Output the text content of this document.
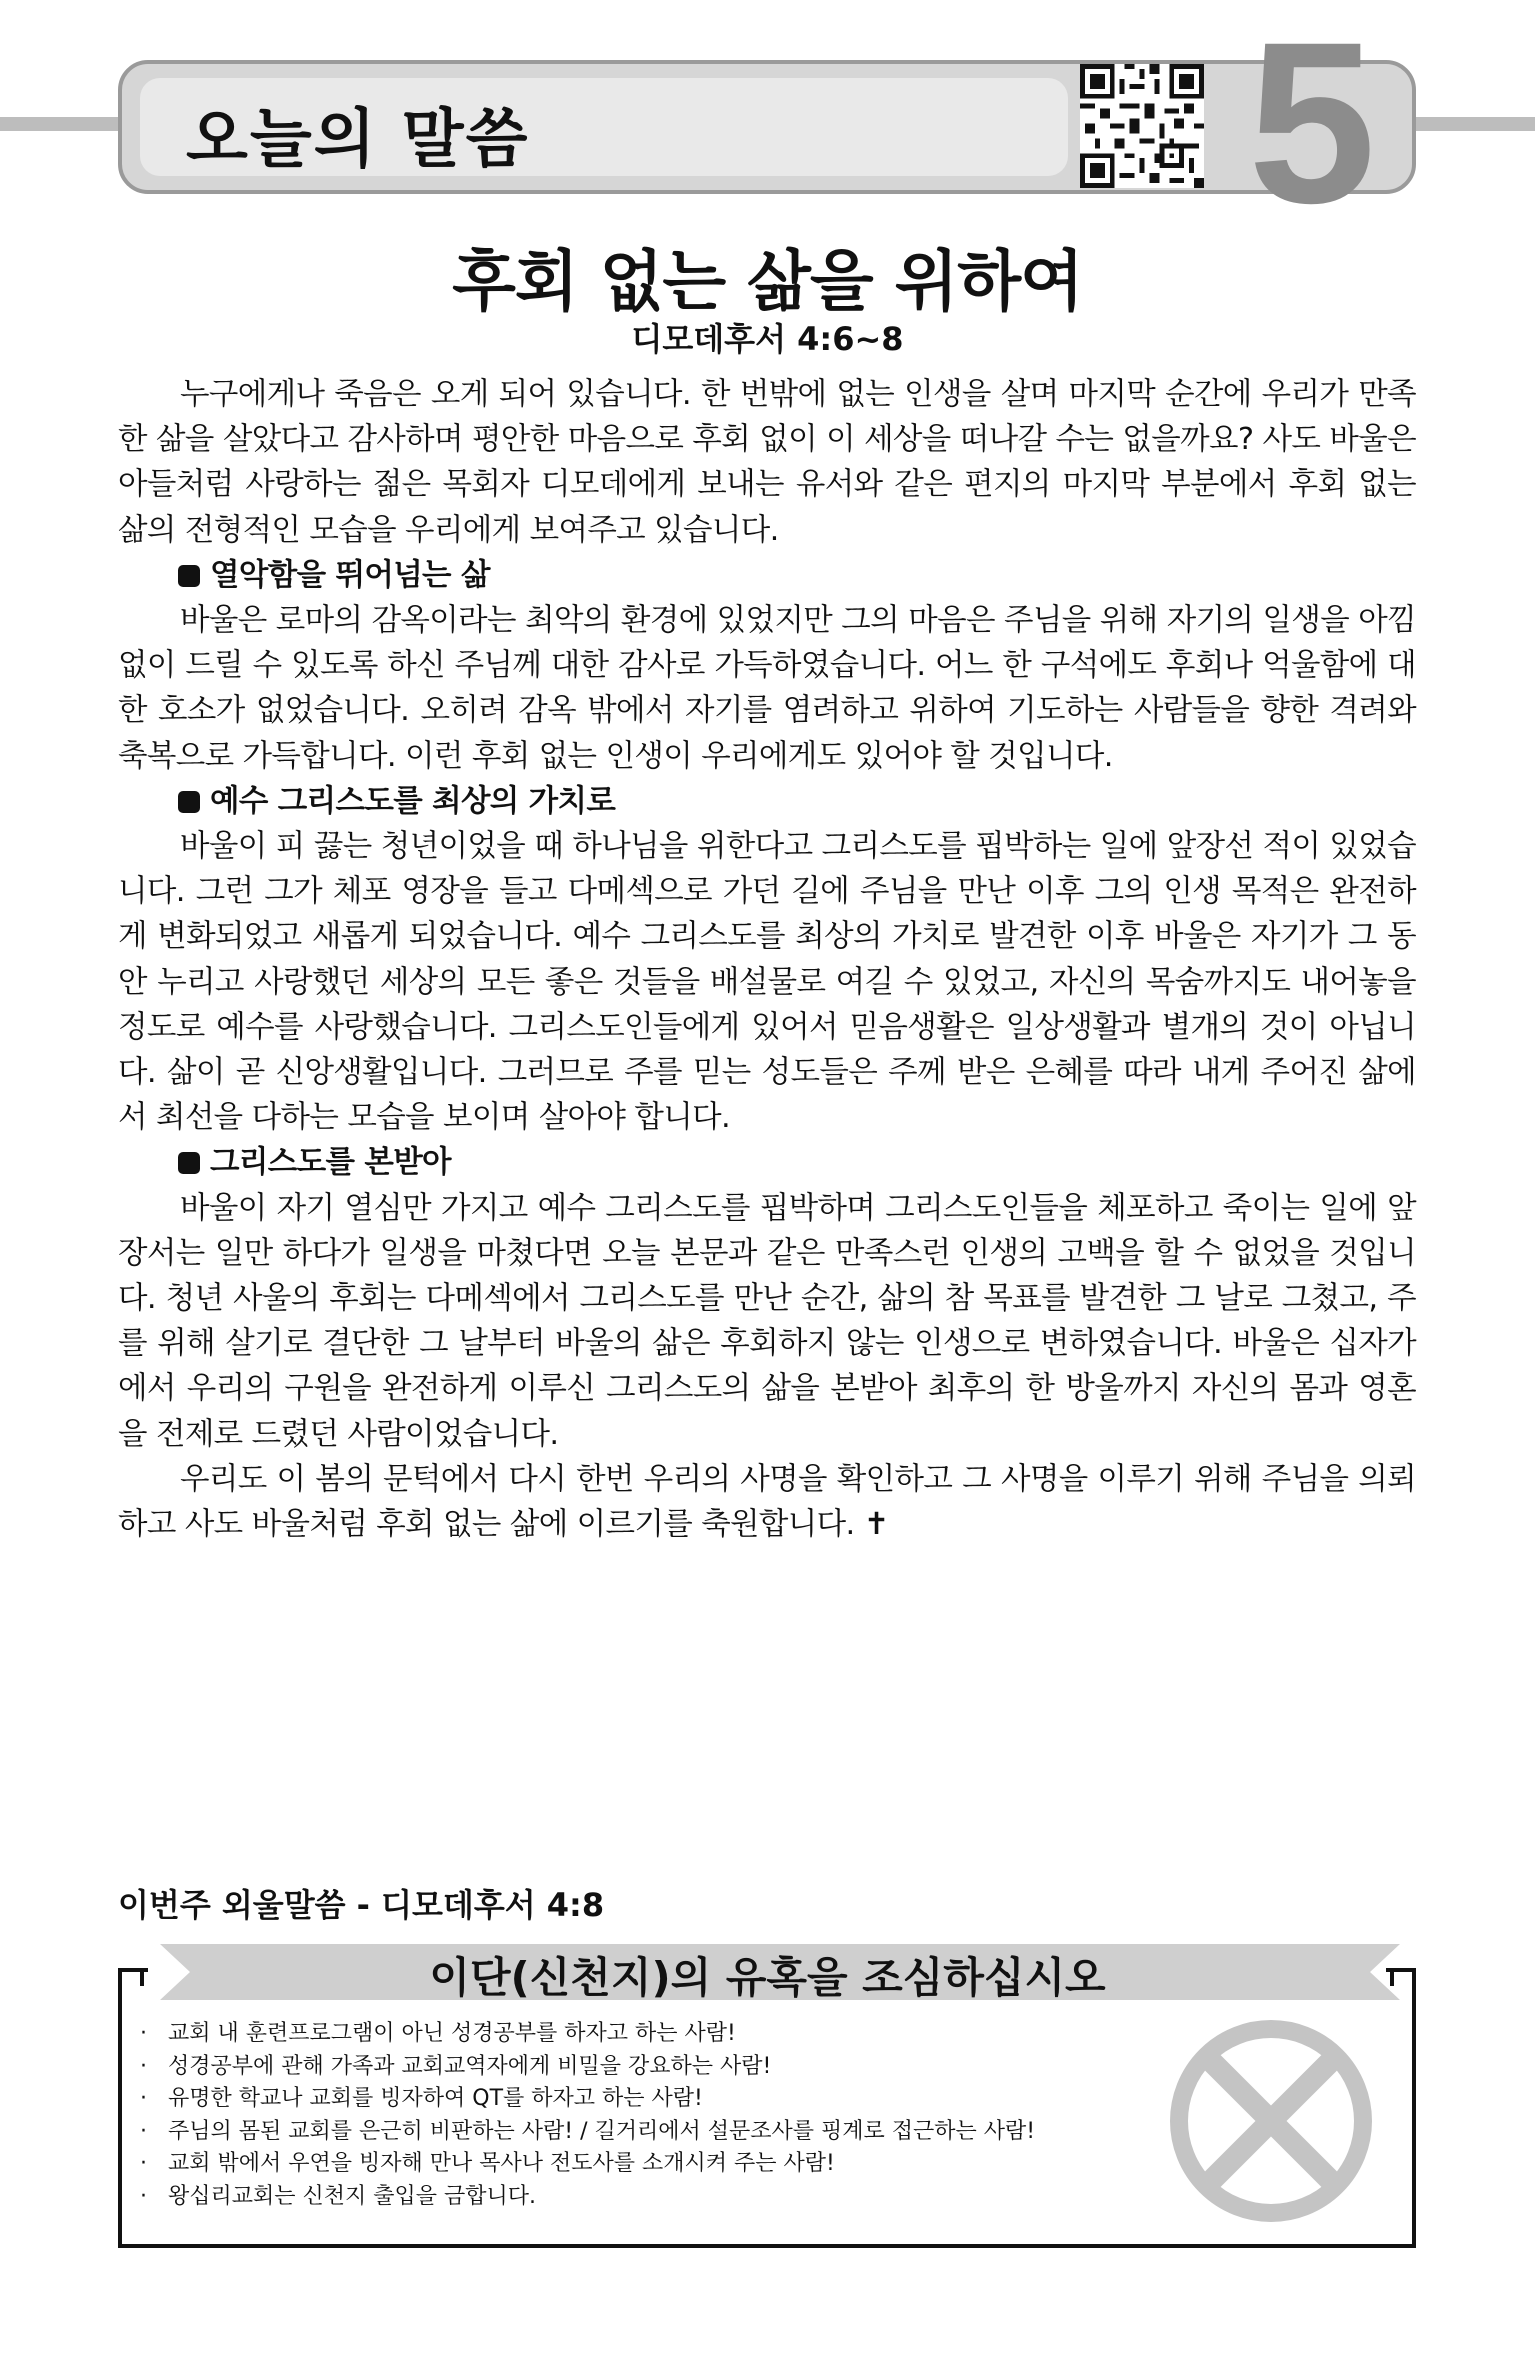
오늘의 말씀	5
후회 없는 삶을 위하여
디모데후서 4:6~8

누구에게나 죽음은 오게 되어 있습니다. 한 번밖에 없는 인생을 살며 마지막 순간에 우리가 만족한 삶을 살았다고 감사하며 평안한 마음으로 후회 없이 이 세상을 떠나갈 수는 없을까요? 사도 바울은 아들처럼 사랑하는 젊은 목회자 디모데에게 보내는 유서와 같은 편지의 마지막 부분에서 후회 없는 삶의 전형적인 모습을 우리에게 보여주고 있습니다.

열악함을 뛰어넘는 삶

바울은 로마의 감옥이라는 최악의 환경에 있었지만 그의 마음은 주님을 위해 자기의 일생을 아낌없이 드릴 수 있도록 하신 주님께 대한 감사로 가득하였습니다. 어느 한 구석에도 후회나 억울함에 대한 호소가 없었습니다. 오히려 감옥 밖에서 자기를 염려하고 위하여 기도하는 사람들을 향한 격려와 축복으로 가득합니다. 이런 후회 없는 인생이 우리에게도 있어야 할 것입니다.

예수 그리스도를 최상의 가치로

바울이 피 끓는 청년이었을 때 하나님을 위한다고 그리스도를 핍박하는 일에 앞장선 적이 있었습니다. 그런 그가 체포 영장을 들고 다메섹으로 가던 길에 주님을 만난 이후 그의 인생 목적은 완전하게 변화되었고 새롭게 되었습니다. 예수 그리스도를 최상의 가치로 발견한 이후 바울은 자기가 그 동안 누리고 사랑했던 세상의 모든 좋은 것들을 배설물로 여길 수 있었고, 자신의 목숨까지도 내어놓을 정도로 예수를 사랑했습니다. 그리스도인들에게 있어서 믿음생활은 일상생활과 별개의 것이 아닙니다. 삶이 곧 신앙생활입니다. 그러므로 주를 믿는 성도들은 주께 받은 은혜를 따라 내게 주어진 삶에서 최선을 다하는 모습을 보이며 살아야 합니다.

그리스도를 본받아

바울이 자기 열심만 가지고 예수 그리스도를 핍박하며 그리스도인들을 체포하고 죽이는 일에 앞장서는 일만 하다가 일생을 마쳤다면 오늘 본문과 같은 만족스런 인생의 고백을 할 수 없었을 것입니다. 청년 사울의 후회는 다메섹에서 그리스도를 만난 순간, 삶의 참 목표를 발견한 그 날로 그쳤고, 주를 위해 살기로 결단한 그 날부터 바울의 삶은 후회하지 않는 인생으로 변하였습니다. 바울은 십자가에서 우리의 구원을 완전하게 이루신 그리스도의 삶을 본받아 최후의 한 방울까지 자신의 몸과 영혼을 전제로 드렸던 사람이었습니다.

우리도 이 봄의 문턱에서 다시 한번 우리의 사명을 확인하고 그 사명을 이루기 위해 주님을 의뢰하고 사도 바울처럼 후회 없는 삶에 이르기를 축원합니다. ✝

이번주 외울말씀 - 디모데후서 4:8
이단(신천지)의 유혹을 조심하십시오
· 교회 내 훈련프로그램이 아닌 성경공부를 하자고 하는 사람!
· 성경공부에 관해 가족과 교회교역자에게 비밀을 강요하는 사람!
· 유명한 학교나 교회를 빙자하여 QT를 하자고 하는 사람!
· 주님의 몸된 교회를 은근히 비판하는 사람! / 길거리에서 설문조사를 핑계로 접근하는 사람!
· 교회 밖에서 우연을 빙자해 만나 목사나 전도사를 소개시켜 주는 사람!
· 왕십리교회는 신천지 출입을 금합니다.
